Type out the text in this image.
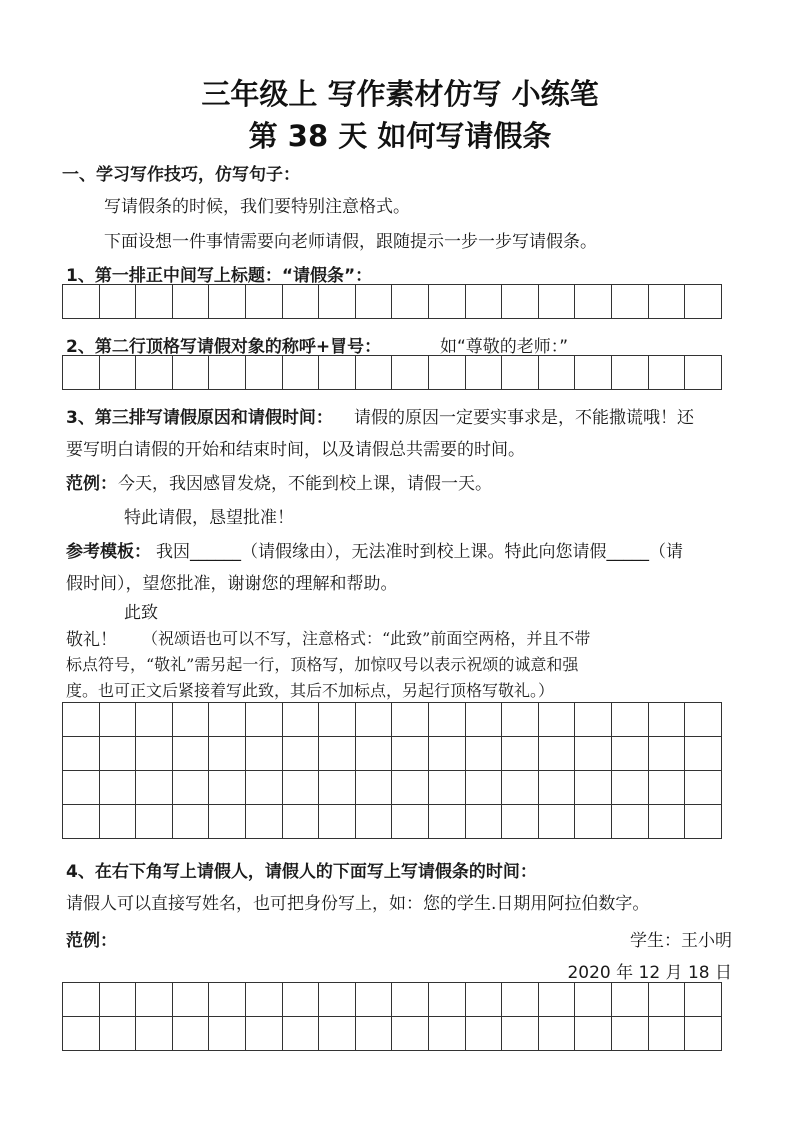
三年级上 写作素材仿写 小练笔
第 38 天 如何写请假条
一、学习写作技巧，仿写句子：
写请假条的时候，我们要特别注意格式。
下面设想一件事情需要向老师请假，跟随提示一步一步写请假条。
1、第一排正中间写上标题：“请假条”：
2、第二行顶格写请假对象的称呼+冒号：	如“尊敬的老师：”
3、第三排写请假原因和请假时间： 请假的原因一定要实事求是，不能撒谎哦！还
要写明白请假的开始和结束时间，以及请假总共需要的时间。
范例： 今天，我因感冒发烧，不能到校上课，请假一天。
特此请假，恳望批准！
参考模板： 我因______（请假缘由），无法准时到校上课。特此向您请假_____（请
假时间），望您批准，谢谢您的理解和帮助。
此致
敬礼！ （祝颂语也可以不写，注意格式：“此致”前面空两格，并且不带
标点符号，“敬礼”需另起一行，顶格写，加惊叹号以表示祝颂的诚意和强
度。也可正文后紧接着写此致，其后不加标点，另起行顶格写敬礼。）
4、在右下角写上请假人，请假人的下面写上写请假条的时间：
请假人可以直接写姓名，也可把身份写上，如：您的学生.日期用阿拉伯数字。
范例：	学生：王小明
2020 年 12 月 18 日
